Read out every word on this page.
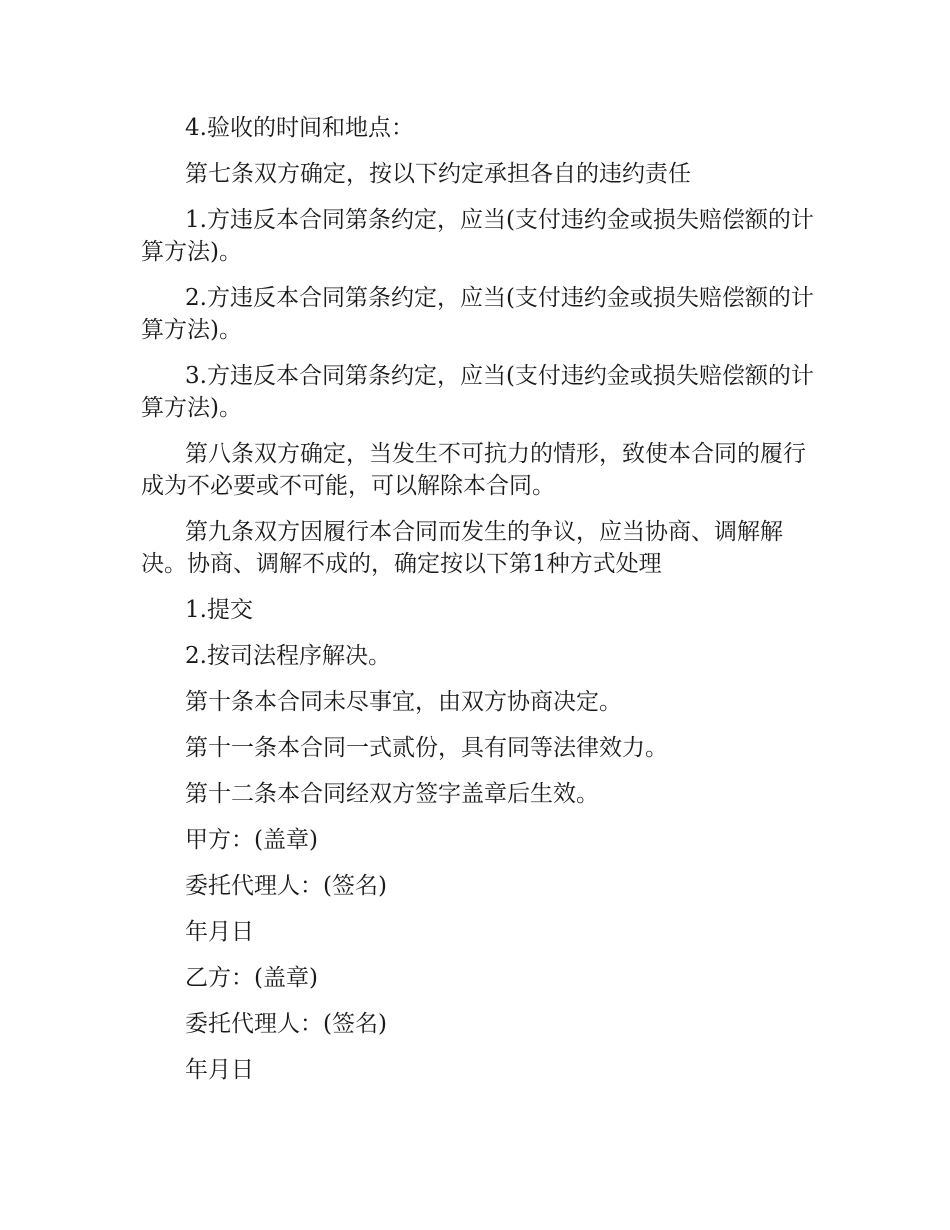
4.验收的时间和地点：

第七条双方确定，按以下约定承担各自的违约责任

1.方违反本合同第条约定，应当(支付违约金或损失赔偿额的计算方法)。

2.方违反本合同第条约定，应当(支付违约金或损失赔偿额的计算方法)。

3.方违反本合同第条约定，应当(支付违约金或损失赔偿额的计算方法)。

第八条双方确定，当发生不可抗力的情形，致使本合同的履行成为不必要或不可能，可以解除本合同。

第九条双方因履行本合同而发生的争议，应当协商、调解解决。协商、调解不成的，确定按以下第1种方式处理

1.提交

2.按司法程序解决。

第十条本合同未尽事宜，由双方协商决定。

第十一条本合同一式贰份，具有同等法律效力。

第十二条本合同经双方签字盖章后生效。

甲方：(盖章)

委托代理人：(签名)

年月日

乙方：(盖章)

委托代理人：(签名)

年月日
